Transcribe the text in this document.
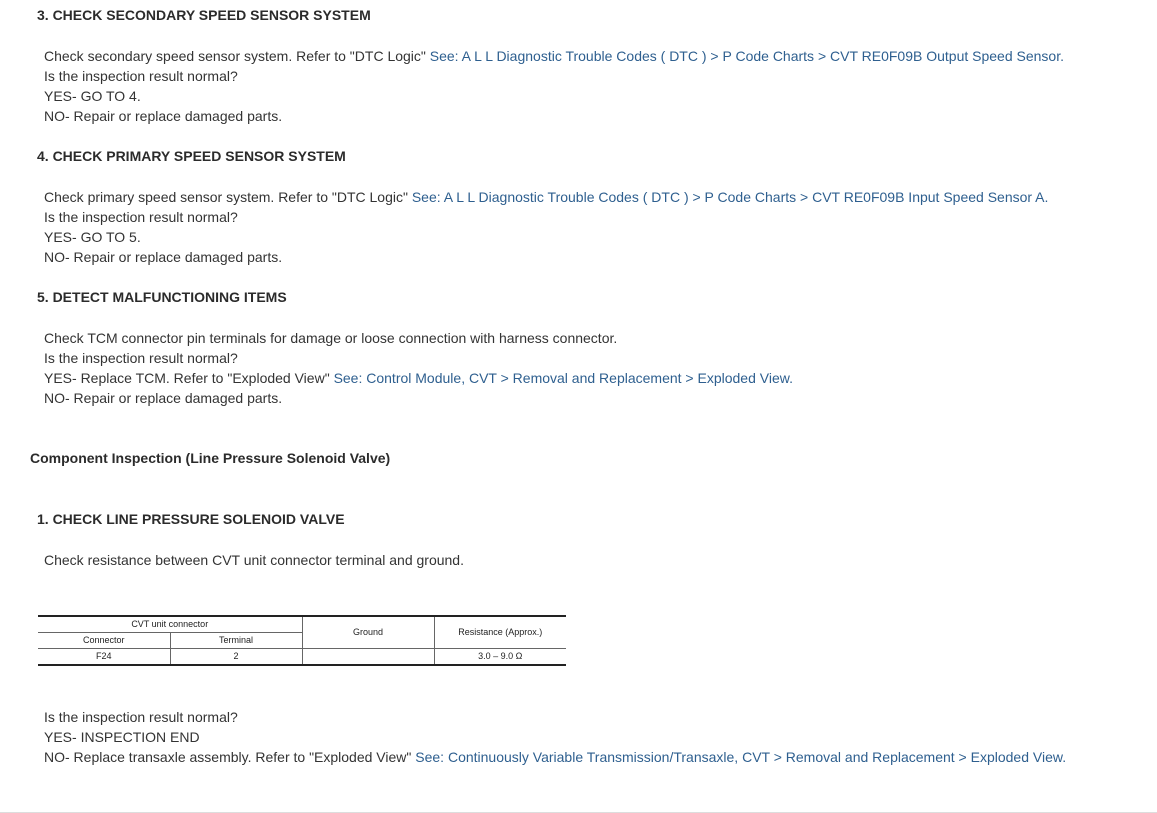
3. CHECK SECONDARY SPEED SENSOR SYSTEM
Check secondary speed sensor system. Refer to "DTC Logic" See: A L L Diagnostic Trouble Codes ( DTC ) > P Code Charts > CVT RE0F09B Output Speed Sensor.
Is the inspection result normal?
YES- GO TO 4.
NO- Repair or replace damaged parts.
4. CHECK PRIMARY SPEED SENSOR SYSTEM
Check primary speed sensor system. Refer to "DTC Logic" See: A L L Diagnostic Trouble Codes ( DTC ) > P Code Charts > CVT RE0F09B Input Speed Sensor A.
Is the inspection result normal?
YES- GO TO 5.
NO- Repair or replace damaged parts.
5. DETECT MALFUNCTIONING ITEMS
Check TCM connector pin terminals for damage or loose connection with harness connector.
Is the inspection result normal?
YES- Replace TCM. Refer to "Exploded View" See: Control Module, CVT > Removal and Replacement > Exploded View.
NO- Repair or replace damaged parts.
Component Inspection (Line Pressure Solenoid Valve)
1. CHECK LINE PRESSURE SOLENOID VALVE
Check resistance between CVT unit connector terminal and ground.
CVT unit connector		Ground	Resistance (Approx.)
Connector	Terminal		
F24	2		3.0 – 9.0 Ω
Is the inspection result normal?
YES- INSPECTION END
NO- Replace transaxle assembly. Refer to "Exploded View" See: Continuously Variable Transmission/Transaxle, CVT > Removal and Replacement > Exploded View.
